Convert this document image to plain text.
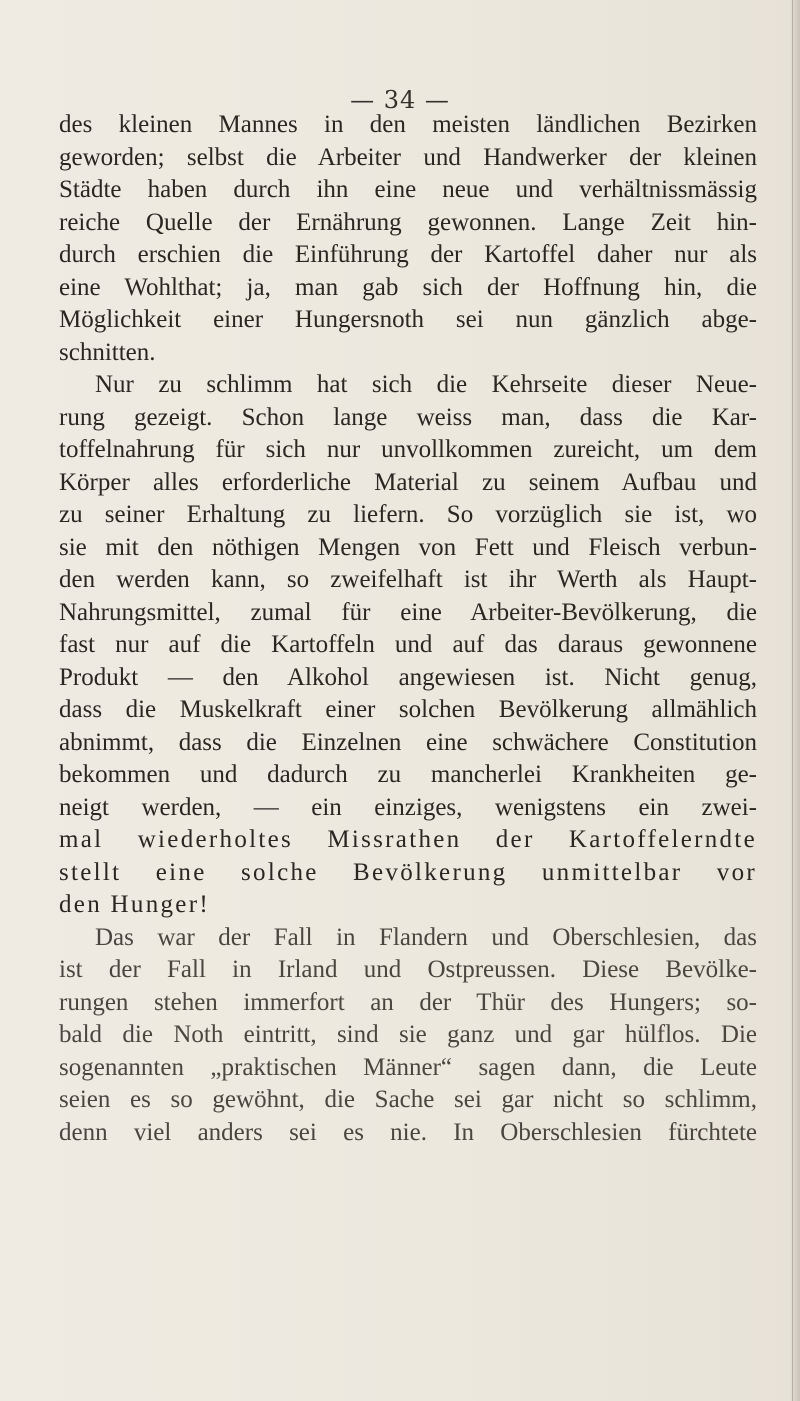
— 34 —
des kleinen Mannes in den meisten ländlichen Bezirken
geworden; selbst die Arbeiter und Handwerker der kleinen
Städte haben durch ihn eine neue und verhältnissmässig
reiche Quelle der Ernährung gewonnen. Lange Zeit hin-
durch erschien die Einführung der Kartoffel daher nur als
eine Wohlthat; ja, man gab sich der Hoffnung hin, die
Möglichkeit einer Hungersnoth sei nun gänzlich abge-
schnitten.
Nur zu schlimm hat sich die Kehrseite dieser Neue-
rung gezeigt. Schon lange weiss man, dass die Kar-
toffelnahrung für sich nur unvollkommen zureicht, um dem
Körper alles erforderliche Material zu seinem Aufbau und
zu seiner Erhaltung zu liefern. So vorzüglich sie ist, wo
sie mit den nöthigen Mengen von Fett und Fleisch verbun-
den werden kann, so zweifelhaft ist ihr Werth als Haupt-
Nahrungsmittel, zumal für eine Arbeiter-Bevölkerung, die
fast nur auf die Kartoffeln und auf das daraus gewonnene
Produkt — den Alkohol angewiesen ist. Nicht genug,
dass die Muskelkraft einer solchen Bevölkerung allmählich
abnimmt, dass die Einzelnen eine schwächere Constitution
bekommen und dadurch zu mancherlei Krankheiten ge-
neigt werden, — ein einziges, wenigstens ein zwei-
mal wiederholtes Missrathen der Kartoffelerndte
stellt eine solche Bevölkerung unmittelbar vor
den Hunger!
Das war der Fall in Flandern und Oberschlesien, das
ist der Fall in Irland und Ostpreussen. Diese Bevölke-
rungen stehen immerfort an der Thür des Hungers; so-
bald die Noth eintritt, sind sie ganz und gar hülflos. Die
sogenannten „praktischen Männer“ sagen dann, die Leute
seien es so gewöhnt, die Sache sei gar nicht so schlimm,
denn viel anders sei es nie. In Oberschlesien fürchtete
